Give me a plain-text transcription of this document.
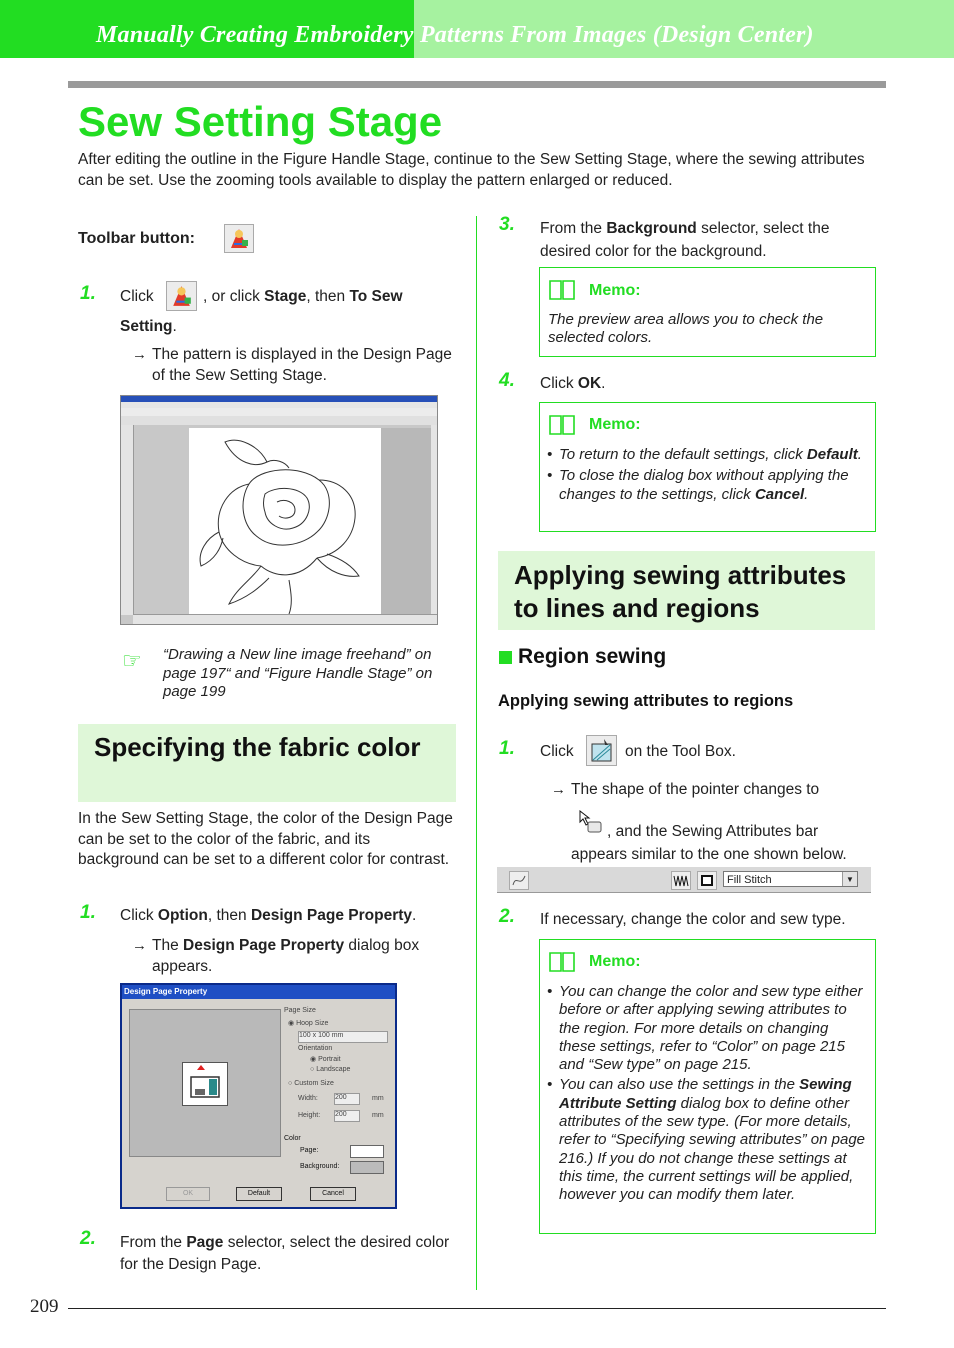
Manually Creating Embroidery Patterns From Images (Design Center)
Sew Setting Stage
After editing the outline in the Figure Handle Stage, continue to the Sew Setting Stage, where the sewing attributes can be set. Use the zooming tools available to display the pattern enlarged or reduced.
Toolbar button:
1. Click	, or click Stage, then To Sew
Setting.
→ The pattern is displayed in the Design Page of the Sew Setting Stage.
☞ “Drawing a New line image freehand” on page 197“ and “Figure Handle Stage” on page 199
Specifying the fabric color
In the Sew Setting Stage, the color of the Design Page can be set to the color of the fabric, and its background can be set to a different color for contrast.
1. Click Option, then Design Page Property.
→ The Design Page Property dialog box appears.
Design Page Property
Page Size
◉ Hoop Size
100 x 100 mm
Orientation
◉ Portrait
○ Landscape
○ Custom Size
Width: 200	mm
Height: 200	mm
Color
Page:
Background:
OK	Default	Cancel
2. From the Page selector, select the desired color for the Design Page.
3. From the Background selector, select the desired color for the background.
Memo:
The preview area allows you to check the selected colors.
4. Click OK.
Memo:
• To return to the default settings, click Default.
• To close the dialog box without applying the changes to the settings, click Cancel.
Applying sewing attributes to lines and regions
Region sewing
Applying sewing attributes to regions
1. Click	on the Tool Box.
→ The shape of the pointer changes to
, and the Sewing Attributes bar appears similar to the one shown below.
Fill Stitch	▼
2. If necessary, change the color and sew type.
Memo:
• You can change the color and sew type either before or after applying sewing attributes to the region. For more details on changing these settings, refer to “Color” on page 215 and “Sew type” on page 215.
• You can also use the settings in the Sewing Attribute Setting dialog box to define other attributes of the sew type. (For more details, refer to “Specifying sewing attributes” on page 216.) If you do not change these settings at this time, the current settings will be applied, however you can modify them later.
209
